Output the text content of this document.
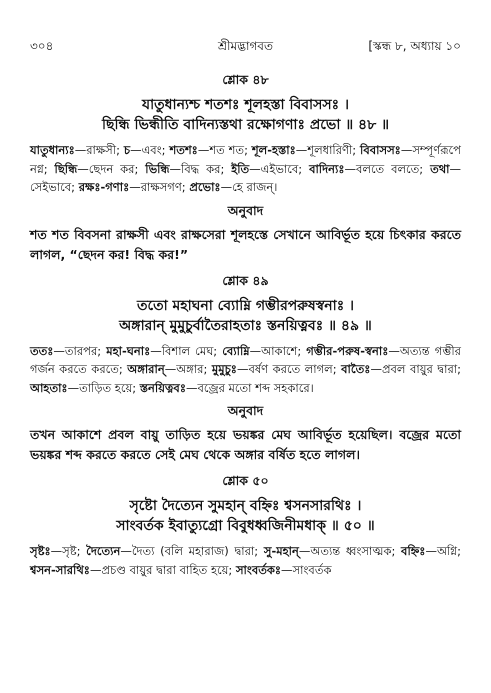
৩০৪	শ্রীমদ্ভাগবত	[স্কন্ধ ৮, অধ্যায় ১০
শ্লোক ৪৮
যাতুধান্যশ্চ শতশঃ শূলহস্তা বিবাসসঃ ।
ছিন্ধি ভিন্ধীতি বাদিন্যস্তথা রক্ষোগণাঃ প্রভো ॥ ৪৮ ॥
যাতুধান্যঃ—রাক্ষসী; চ—এবং; শতশঃ—শত শত; শূল-হস্তাঃ—শূলধারিণী; বিবাসসঃ—সম্পূর্ণরূপে নগ্ন; ছিন্ধি—ছেদন কর; ভিন্ধি—বিদ্ধ কর; ইতি—এইভাবে; বাদিন্যঃ—বলতে বলতে; তথা—সেইভাবে; রক্ষঃ-গণাঃ—রাক্ষসগণ; প্রভোঃ—হে রাজন্।
অনুবাদ
শত শত বিবসনা রাক্ষসী এবং রাক্ষসেরা শূলহস্তে সেখানে আবির্ভূত হয়ে চিৎকার করতে লাগল, “ছেদন কর! বিদ্ধ কর!”
শ্লোক ৪৯
ততো মহাঘনা ব্যোম্নি গম্ভীরপরুষস্বনাঃ ।
অঙ্গারান্ মুমুচুর্বাতৈরাহতাঃ স্তনয়িত্নবঃ ॥ ৪৯ ॥
ততঃ—তারপর; মহা-ঘনাঃ—বিশাল মেঘ; ব্যোম্নি—আকাশে; গম্ভীর-পরুষ-স্বনাঃ—অত্যন্ত গম্ভীর গর্জন করতে করতে; অঙ্গারান্—অঙ্গার; মুমুচুঃ—বর্ষণ করতে লাগল; বাতৈঃ—প্রবল বায়ুর দ্বারা; আহতাঃ—তাড়িত হয়ে; স্তনয়িত্নবঃ—বজ্রের মতো শব্দ সহকারে।
অনুবাদ
তখন আকাশে প্রবল বায়ু তাড়িত হয়ে ভয়ঙ্কর মেঘ আবির্ভূত হয়েছিল। বজ্রের মতো ভয়ঙ্কর শব্দ করতে করতে সেই মেঘ থেকে অঙ্গার বর্ষিত হতে লাগল।
শ্লোক ৫০
সৃষ্টো দৈত্যেন সুমহান্ বহ্নিঃ শ্বসনসারথিঃ ।
সাংবর্তক ইবাত্যুগ্রো বিবুধধ্বজিনীমধাক্ ॥ ৫০ ॥
সৃষ্টঃ—সৃষ্ট; দৈত্যেন—দৈত্য (বলি মহারাজ) দ্বারা; সু-মহান্—অত্যন্ত ধ্বংসাত্মক; বহ্নিঃ—অগ্নি; শ্বসন-সারথিঃ—প্রচণ্ড বায়ুর দ্বারা বাহিত হয়ে; সাংবর্তকঃ—সাংবর্তক
